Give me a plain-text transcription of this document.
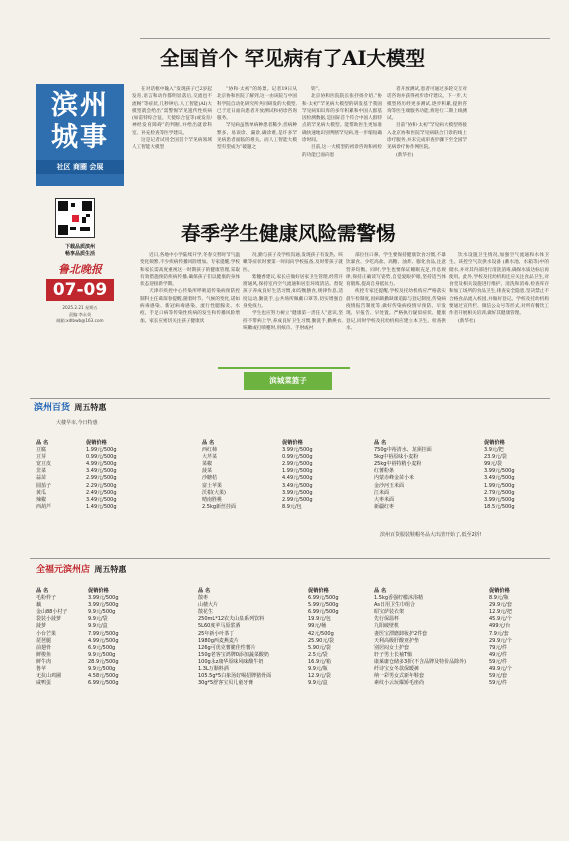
滨州
城事
社区 商圈 会展
下载品质滨州
畅享品质生活
鲁北晚报
07-09
2025.2.21 星期五
责编:李永英
邮箱:xdlbwb@163.com
全国首个 罕见病有了AI大模型

在对话框中输入“发现孩子已2岁起发育,语言和动作都明显落后,交流也不流畅”等症状,几秒钟后,人工智能(AI)大模型就会给出“需警惕罕见遗传性疾病(如雷特综合征、天使综合征等)或发育/神经发育障碍”的判断,并给出就诊科室、补充检查等医学建议。

这是记者试用全国首个罕见病领域人工智能大模型

“协和·太初”的场景。记者19日从北京协和医院了解到,这一由该院与中国科学院自动化研究所共同研发的大模型,已于近日面向患者开放测试和初诊咨询服务。

罕见病虽然单病种患者稀少,但病种繁多、易误诊、漏诊,确诊难,是许多罕见病患者面临的难关。而人工智能大模型有望成为“破题之

钥”。

北京协和医院院长张抒扬介绍,“协和·太初”罕见病大模型的研发基于我国罕见病知识库的多年积累和中国人群基因检测数据,是国际首个符合中国人群特点的罕见病大模型。能帮助医生更加准确快速地识别判断罕见病,进一步缩短确诊时间。

目前,这一大模型的初诊咨询和初检的功能已面向患

者开放测试,患者可通过多轮交互对话咨询并获得初步诊疗建议。下一步,大模型将历经更多测试,逐步积累,提供咨询等医生端服务功能,将进行二期上线测试。

目前“协和·太初”罕见病大模型将接入北京协和医院罕见病联合门诊的线上诊疗服务,并未完成审查步骤下至全国罕见病诊疗协作网医院。

(新华社)

春季学生健康风险需警惕

近日,各地中小学陆续开学,冬春交替时节气温变化频繁,不少疾病传播风险增加。专家提醒,学校和家长需高度重视这一时期孩子的健康管理,采取有效措施预防疾病传播,确保孩子们以健康的身体状态迎接新学期。

天津市疾控中心传染所呼吸道传染病预防控制科主任葛琛春提醒,随着时节、气候的变化,诺如病毒感染、新冠病毒感染、流行性腮腺炎、水痘、手足口病等传染性疾病的发生和传播风险增加。家长应密切关注孩子健康状

况,勤与孩子及学校沟通,发现孩子有发热、咳嗽等症状时要第一时间向学校报备,及时带孩子就医。

紫穗香建议,家长应做好居家卫生管理,经常开窗通风,保持室内空气流通和居室环境清洁。督促孩子养成良好生活习惯,如均衡膳食,规律作息,适度运动,勤洗手,公共场所佩戴口罩等,切实增强自身免疫力。

学生也应努力树立“健康第一责任人”意识,坚持不带病上学,养成良好卫生习惯,勤洗手,勤换衣,咳嗽或打喷嚏时,用纸巾、手肘或衬

部位住口鼻。学生要保持健康饮食习惯,不暴饮暴食、少吃高盐、高糖、油炸、膨化食品,注意营养均衡。同时,学生也要保证睡眠充足,作息规律,保持正确读写姿势,自觉爱眼护眼,坚持适当体育锻炼,提高自身抵抗力。

疾控专家还提醒,学校及托幼机构应严格落实晨午检制度,因病缺勤缺课追踪与登记制度,传染病疫情报告制度等,做好传染病疫情早预防、早发现、早报告、早处置。严格执行疑似症状、健康登记,同时学校及托幼机构应建立本卫生。检查供水,

饮水设施卫生情况,加强空气流通和水体卫生。该控空气次供水设备 (蓄水池、水箱等)中的储水,并对其内部进行清洗消毒,确保水质达标后再使用。此外,学校及托幼机构还应关注食品卫生,对食堂及相关设施进行维护、清洗和消毒,检查库存和加工场所的食品卫生,排查安全隐患,坚决禁止不合格食品流入校园,并做好登记。学校及托幼机构要通过宣传栏、微信公众号等形式,对所有餐饮工作者开展相关培训,做好其健康管理。

(新华社)

滨城菜篮子
滨州百货 周五特惠
大楼早市,今日特惠
品 名	促销价格
豆腐	1.99元/500g
豆芽	0.99元/500g
宽豆皮	4.99元/500g
韭菜	3.49元/500g
蒜苗	2.99元/500g
圆茄子	2.29元/500g
黄瓜	2.49元/500g
辣椒	3.49元/500g
西葫芦	1.49元/500g
品 名	促销价格
西红柿	3.99元/500g
大芹菜	0.99元/500g
菜椒	2.99元/500g
菠菜	1.99元/500g
沙糖桔	4.49元/500g
富士苹果	3.49元/500g
沃柑(大果)	3.99元/500g
晴南胜桃	2.99元/500g
2.5kg新丝挂面	8.9元/包
品 名	促销价格
750g中裕清水、龙须挂面	3.9元/把
5kg中裕原味小麦粉	23.9元/袋
25kg中裕特精小麦粉	99元/袋
红薯粉条	3.99元/500g
内蒙赤峰金苗小米	3.49元/500g
金沙河玉米面	1.99元/500g
江米面	2.79元/500g
大枣米面	3.99元/500g
新疆红枣	18.5元/500g
滨州百货服装鞋帽冬品大出清开始了,低至2折!
全福元滨州店 周五特惠
品 名	促销价格
毛粉样子	3.99元/500g
藕	3.99元/500g
金山88小村子	9.9元/500g
袋装小菠萝	9.9元/袋
菠萝	9.9元/盒
小台芒果	7.99元/500g
琵琶腿	4.99元/500g
前翅骨	6.9元/500g
鲜梭鱼	9.9元/500g
鲜牛肉	28.9元/500g
鲁苹	9.9元/500g
无抗山鸡圃	4.58元/500g
咸鸭蛋	6.99元/500g
品 名	促销价格
散枣	6.99元/500g
山楂大片	5.99元/500g
散花生	6.99元/500g
250mL*12农夫山泉系列饮料	19.9元/包
5L60度苹马原浆酒	99元/桶
25年新小叶茶丁	42元/500g
1980g西麦燕麦片	25.90元/袋
126g可优克薯脆佳性薯片	5.90元/袋
150g老客宝鸿牌0添加蔬菜酸奶	2.5元/袋
100g永z康华原味风味酸牛奶	16.9元/箱
1.3L万顺料酒	9.9元/瓶
105.5g*5白象汤好喝招牌猪骨面	12.9元/袋
30g*5舒客宝贝儿童牙膏	9.9元/盒
品 名	促销价格
1.5kg香强柠檬沐浴精	8.9元/瓶
As日用卫生巾组合	29.9元/套
昭宝萨装衣架	12.9元/把
先行保温杯	45.9元/个
九阳破壁机	499元/台
妻医宝漂磨卸妆护2件套	7.9元/套
天利高级肝酸亚护垫	29.9元/个
别居闷女士护套	79元/件
轩子男士长袖T恤	49元/件
康萊庸仓储多3折(不含品牌及特价品除外)	59元/件
纤诗宝女冬款保暖裤	49.9元/个
纳一彩男女式新年鞋套	59元/套
素纹小云玩爆矫毛座尚	59元/件
